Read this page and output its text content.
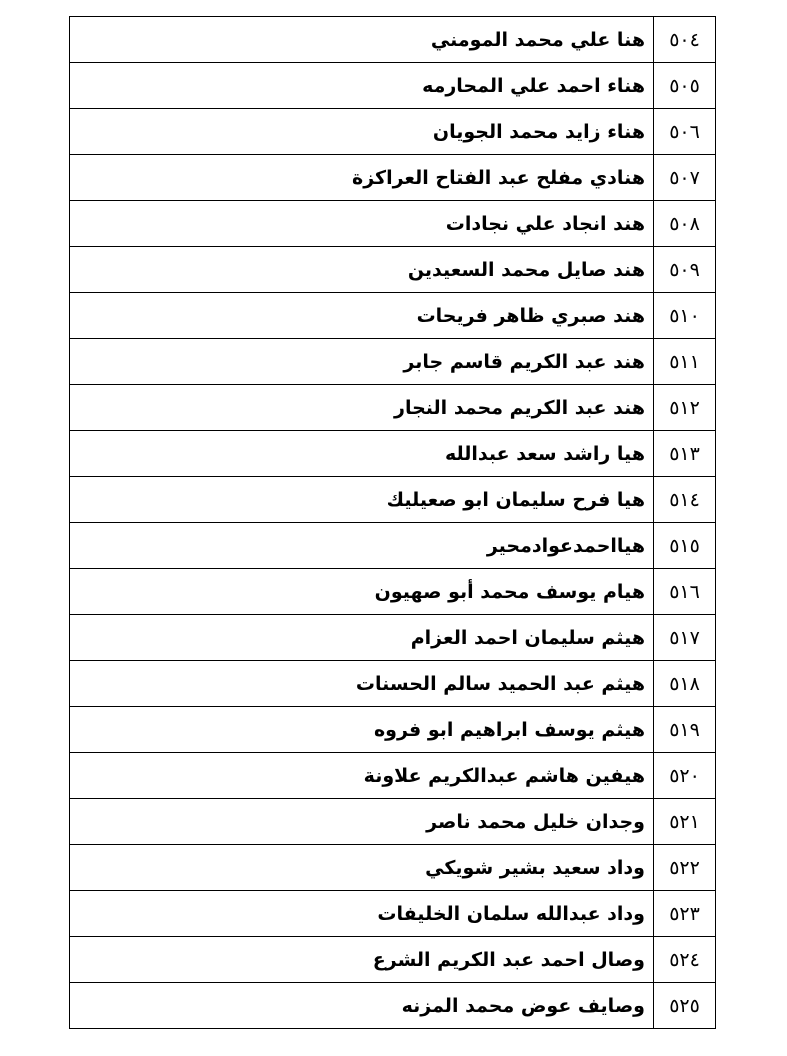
٥٠٤	هنا علي محمد المومني
٥٠٥	هناء احمد علي المحارمه
٥٠٦	هناء زايد محمد الجويان
٥٠٧	هنادي مفلح عبد الفتاح العراكزة
٥٠٨	هند انجاد علي نجادات
٥٠٩	هند صايل محمد السعيدين
٥١٠	هند صبري ظاهر فريحات
٥١١	هند عبد الكريم قاسم جابر
٥١٢	هند عبد الكريم محمد النجار
٥١٣	هيا راشد سعد عبدالله
٥١٤	هيا فرح سليمان ابو صعيليك
٥١٥	هيااحمدعوادمحير
٥١٦	هيام يوسف محمد أبو صهيون
٥١٧	هيثم سليمان احمد العزام
٥١٨	هيثم عبد الحميد سالم الحسنات
٥١٩	هيثم يوسف ابراهيم ابو فروه
٥٢٠	هيفين هاشم عبدالكريم علاونة
٥٢١	وجدان خليل محمد ناصر
٥٢٢	وداد سعيد بشير شويكي
٥٢٣	وداد عبدالله سلمان الخليفات
٥٢٤	وصال احمد عبد الكريم الشرع
٥٢٥	وصايف عوض محمد المزنه
